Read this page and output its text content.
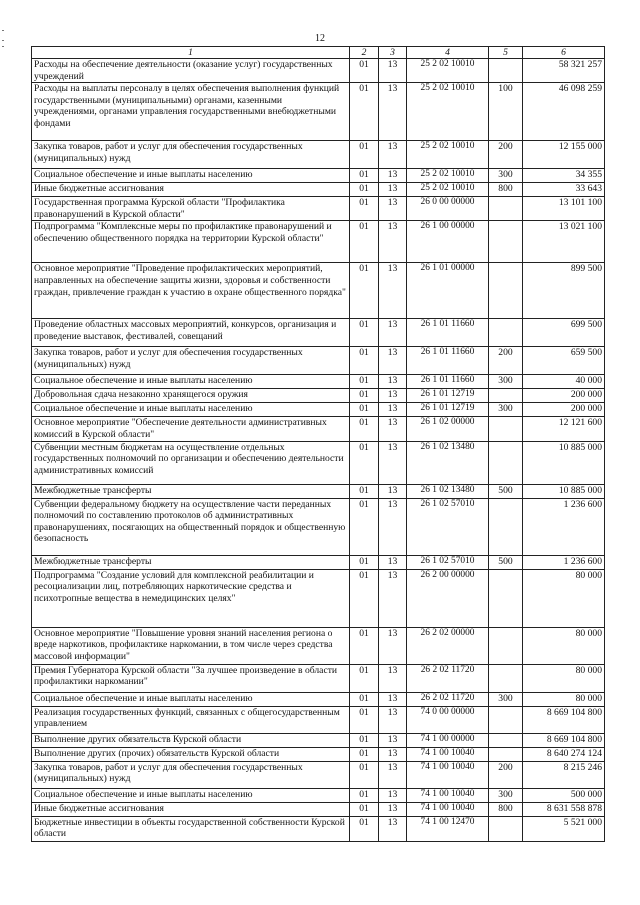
12
1	2	3	4	5	6
Расходы на обеспечение деятельности (оказание услуг) государственных учреждений	01	13	25 2 02 10010		58 321 257
Расходы на выплаты персоналу в целях обеспечения выполнения функций государственными (муниципальными) органами, казенными учреждениями, органами управления государственными внебюджетными фондами	01	13	25 2 02 10010	100	46 098 259
Закупка товаров, работ и услуг для обеспечения государственных (муниципальных) нужд	01	13	25 2 02 10010	200	12 155 000
Социальное обеспечение и иные выплаты населению	01	13	25 2 02 10010	300	34 355
Иные бюджетные ассигнования	01	13	25 2 02 10010	800	33 643
Государственная программа Курской области "Профилактика правонарушений в Курской области"	01	13	26 0 00 00000		13 101 100
Подпрограмма "Комплексные меры по профилактике правонарушений и обеспечению общественного порядка на территории Курской области"	01	13	26 1 00 00000		13 021 100
Основное мероприятие "Проведение профилактических мероприятий, направленных на обеспечение защиты жизни, здоровья и собственности граждан, привлечение граждан к участию в охране общественного порядка"	01	13	26 1 01 00000		899 500
Проведение областных массовых мероприятий, конкурсов, организация и проведение выставок, фестивалей, совещаний	01	13	26 1 01 11660		699 500
Закупка товаров, работ и услуг для обеспечения государственных (муниципальных) нужд	01	13	26 1 01 11660	200	659 500
Социальное обеспечение и иные выплаты населению	01	13	26 1 01 11660	300	40 000
Добровольная сдача незаконно хранящегося оружия	01	13	26 1 01 12719		200 000
Социальное обеспечение и иные выплаты населению	01	13	26 1 01 12719	300	200 000
Основное мероприятие "Обеспечение деятельности административных комиссий в Курской области"	01	13	26 1 02 00000		12 121 600
Субвенции местным бюджетам на осуществление отдельных государственных полномочий по организации и обеспечению деятельности административных комиссий	01	13	26 1 02 13480		10 885 000
Межбюджетные трансферты	01	13	26 1 02 13480	500	10 885 000
Субвенции федеральному бюджету на осуществление части переданных полномочий по составлению протоколов об административных правонарушениях, посягающих на общественный порядок и общественную безопасность	01	13	26 1 02 57010		1 236 600
Межбюджетные трансферты	01	13	26 1 02 57010	500	1 236 600
Подпрограмма "Создание условий для комплексной реабилитации и ресоциализации лиц, потребляющих наркотические средства и психотропные вещества в немедицинских целях"	01	13	26 2 00 00000		80 000
Основное мероприятие "Повышение уровня знаний населения региона о вреде наркотиков, профилактике наркомании, в том числе через средства массовой информации"	01	13	26 2 02 00000		80 000
Премия Губернатора Курской области "За лучшее произведение в области профилактики наркомании"	01	13	26 2 02 11720		80 000
Социальное обеспечение и иные выплаты населению	01	13	26 2 02 11720	300	80 000
Реализация государственных функций, связанных с общегосударственным управлением	01	13	74 0 00 00000		8 669 104 800
Выполнение других обязательств Курской области	01	13	74 1 00 00000		8 669 104 800
Выполнение других (прочих) обязательств Курской области	01	13	74 1 00 10040		8 640 274 124
Закупка товаров, работ и услуг для обеспечения государственных (муниципальных) нужд	01	13	74 1 00 10040	200	8 215 246
Социальное обеспечение и иные выплаты населению	01	13	74 1 00 10040	300	500 000
Иные бюджетные ассигнования	01	13	74 1 00 10040	800	8 631 558 878
Бюджетные инвестиции в объекты государственной собственности Курской области	01	13	74 1 00 12470		5 521 000
